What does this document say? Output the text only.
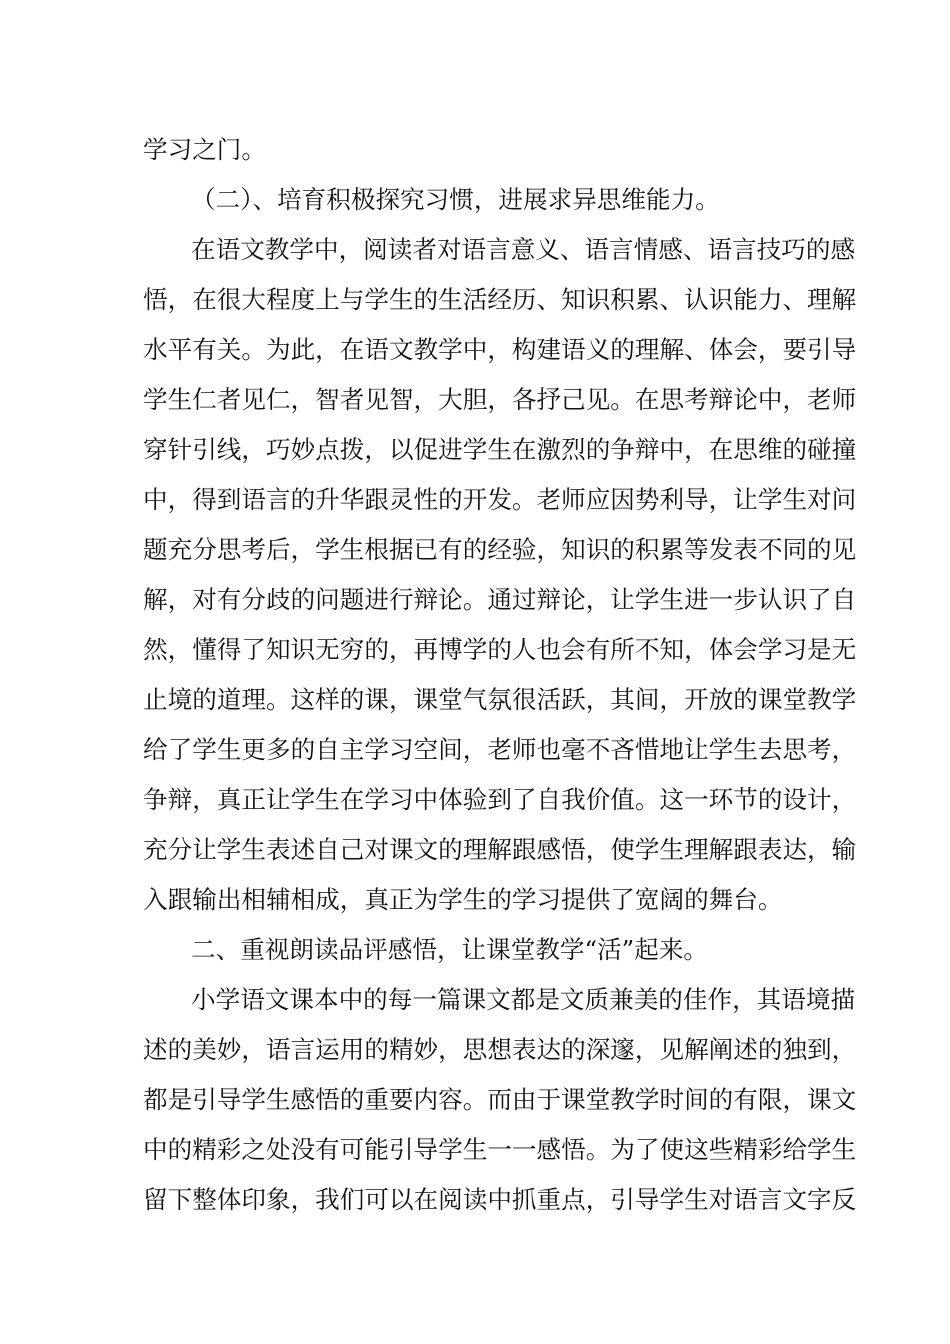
学习之门。
（二）、培育积极探究习惯，进展求异思维能力。
在语文教学中，阅读者对语言意义、语言情感、语言技巧的感
悟，在很大程度上与学生的生活经历、知识积累、认识能力、理解
水平有关。为此，在语文教学中，构建语义的理解、体会，要引导
学生仁者见仁，智者见智，大胆，各抒己见。在思考辩论中，老师
穿针引线，巧妙点拨，以促进学生在激烈的争辩中，在思维的碰撞
中，得到语言的升华跟灵性的开发。老师应因势利导，让学生对问
题充分思考后，学生根据已有的经验，知识的积累等发表不同的见
解，对有分歧的问题进行辩论。通过辩论，让学生进一步认识了自
然，懂得了知识无穷的，再博学的人也会有所不知，体会学习是无
止境的道理。这样的课，课堂气氛很活跃，其间，开放的课堂教学
给了学生更多的自主学习空间，老师也毫不吝惜地让学生去思考，
争辩，真正让学生在学习中体验到了自我价值。这一环节的设计，
充分让学生表述自己对课文的理解跟感悟，使学生理解跟表达，输
入跟输出相辅相成，真正为学生的学习提供了宽阔的舞台。
二、重视朗读品评感悟，让课堂教学“活”起来。
小学语文课本中的每一篇课文都是文质兼美的佳作，其语境描
述的美妙，语言运用的精妙，思想表达的深邃，见解阐述的独到，
都是引导学生感悟的重要内容。而由于课堂教学时间的有限，课文
中的精彩之处没有可能引导学生一一感悟。为了使这些精彩给学生
留下整体印象，我们可以在阅读中抓重点，引导学生对语言文字反
